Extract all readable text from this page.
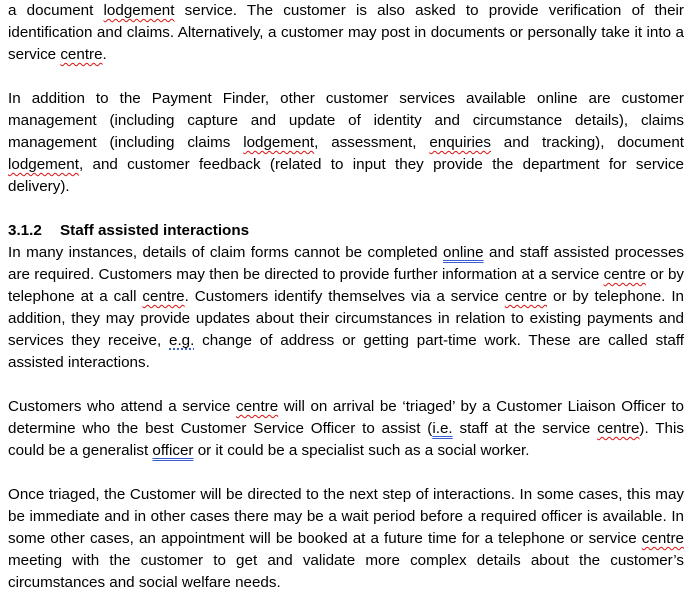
a document lodgement service. The customer is also asked to provide verification of their identification and claims. Alternatively, a customer may post in documents or personally take it into a service centre.

In addition to the Payment Finder, other customer services available online are customer management (including capture and update of identity and circumstance details), claims management (including claims lodgement, assessment, enquiries and tracking), document lodgement, and customer feedback (related to input they provide the department for service delivery).

3.1.2 Staff assisted interactions

In many instances, details of claim forms cannot be completed online and staff assisted processes are required. Customers may then be directed to provide further information at a service centre or by telephone at a call centre. Customers identify themselves via a service centre or by telephone. In addition, they may provide updates about their circumstances in relation to existing payments and services they receive, e.g. change of address or getting part-time work. These are called staff assisted interactions.

Customers who attend a service centre will on arrival be ‘triaged’ by a Customer Liaison Officer to determine who the best Customer Service Officer to assist (i.e. staff at the service centre). This could be a generalist officer or it could be a specialist such as a social worker.

Once triaged, the Customer will be directed to the next step of interactions. In some cases, this may be immediate and in other cases there may be a wait period before a required officer is available. In some other cases, an appointment will be booked at a future time for a telephone or service centre meeting with the customer to get and validate more complex details about the customer’s circumstances and social welfare needs.
